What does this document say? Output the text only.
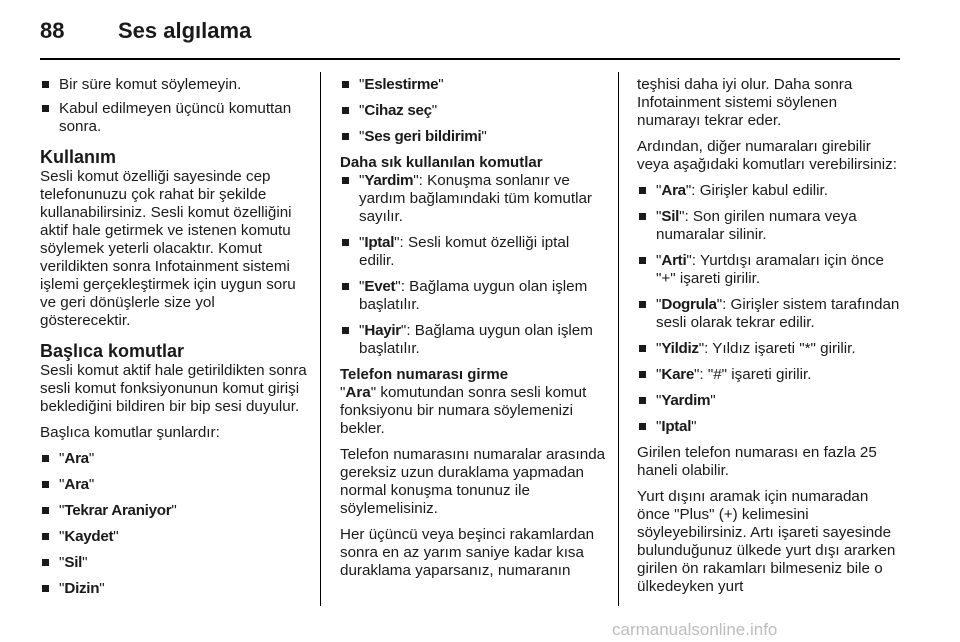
88 Ses algılama
Bir süre komut söylemeyin.
Kabul edilmeyen üçüncü komuttan sonra.
Kullanım

Sesli komut özelliği sayesinde cep telefonunuzu çok rahat bir şekilde kullanabilirsiniz. Sesli komut özelliğini aktif hale getirmek ve istenen komutu söylemek yeterli olacaktır. Komut verildikten sonra Infotainment sistemi işlemi gerçekleştirmek için uygun soru ve geri dönüşlerle size yol gösterecektir.

Başlıca komutlar

Sesli komut aktif hale getirildikten sonra sesli komut fonksiyonunun komut girişi beklediğini bildiren bir bip sesi duyulur.

Başlıca komutlar şunlardır:

"Ara"
"Ara"
"Tekrar Araniyor"
"Kaydet"
"Sil"
"Dizin"
"Eslestirme"
"Cihaz seç"
"Ses geri bildirimi"
Daha sık kullanılan komutlar
"Yardim": Konuşma sonlanır ve yardım bağlamındaki tüm komutlar sayılır.
"Iptal": Sesli komut özelliği iptal edilir.
"Evet": Bağlama uygun olan işlem başlatılır.
"Hayir": Bağlama uygun olan işlem başlatılır.
Telefon numarası girme

"Ara" komutundan sonra sesli komut fonksiyonu bir numara söylemenizi bekler.

Telefon numarasını numaralar arasında gereksiz uzun duraklama yapmadan normal konuşma tonunuz ile söylemelisiniz.

Her üçüncü veya beşinci rakamlardan sonra en az yarım saniye kadar kısa duraklama yaparsanız, numaranın

teşhisi daha iyi olur. Daha sonra Infotainment sistemi söylenen numarayı tekrar eder.

Ardından, diğer numaraları girebilir veya aşağıdaki komutları verebilirsiniz:

"Ara": Girişler kabul edilir.
"Sil": Son girilen numara veya numaralar silinir.
"Arti": Yurtdışı aramaları için önce "+" işareti girilir.
"Dogrula": Girişler sistem tarafından sesli olarak tekrar edilir.
"Yildiz": Yıldız işareti "*" girilir.
"Kare": "#" işareti girilir.
"Yardim"
"Iptal"

Girilen telefon numarası en fazla 25 haneli olabilir.

Yurt dışını aramak için numaradan önce "Plus" (+) kelimesini söyleyebilirsiniz. Artı işareti sayesinde bulunduğunuz ülkede yurt dışı ararken girilen ön rakamları bilmeseniz bile o ülkedeyken yurt

carmanualsonline.info
